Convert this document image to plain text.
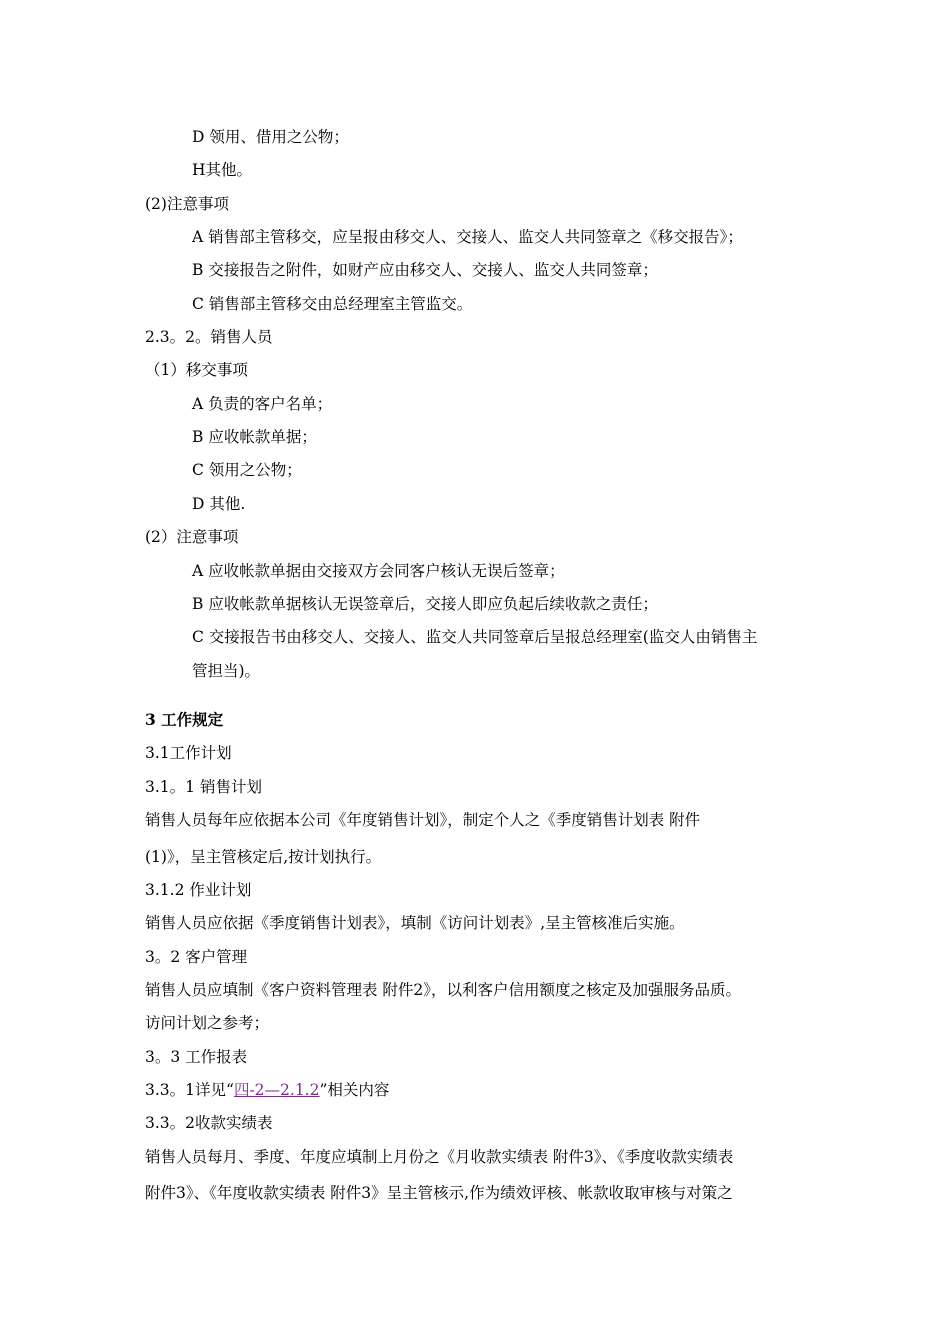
D 领用、借用之公物；
H其他。
(2)注意事项
A 销售部主管移交，应呈报由移交人、交接人、监交人共同签章之《移交报告》；
B 交接报告之附件，如财产应由移交人、交接人、监交人共同签章；
C 销售部主管移交由总经理室主管监交。
2.3。2。销售人员
（1）移交事项
A 负责的客户名单；
B 应收帐款单据；
C 领用之公物；
D 其他.
(2）注意事项
A 应收帐款单据由交接双方会同客户核认无误后签章；
B 应收帐款单据核认无误签章后，交接人即应负起后续收款之责任；
C 交接报告书由移交人、交接人、监交人共同签章后呈报总经理室(监交人由销售主
管担当)。
3 工作规定
3.1工作计划
3.1。1 销售计划
销售人员每年应依据本公司《年度销售计划》，制定个人之《季度销售计划表 附件
(1)》，呈主管核定后,按计划执行。
3.1.2 作业计划
销售人员应依据《季度销售计划表》，填制《访问计划表》,呈主管核准后实施。
3。2 客户管理
销售人员应填制《客户资料管理表 附件2》，以利客户信用额度之核定及加强服务品质。
访问计划之参考；
3。3 工作报表
3.3。1详见“四-2—2.1.2”相关内容
3.3。2收款实绩表
销售人员每月、季度、年度应填制上月份之《月收款实绩表 附件3》、《季度收款实绩表
附件3》、《年度收款实绩表 附件3》呈主管核示,作为绩效评核、帐款收取审核与对策之
